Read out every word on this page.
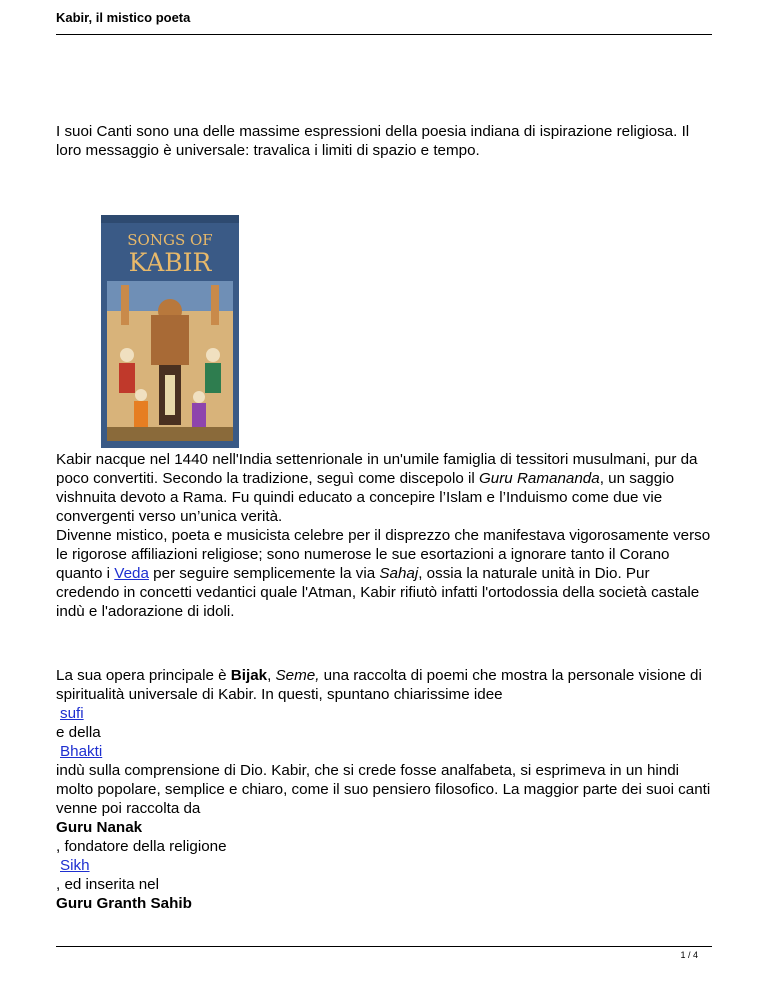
Kabir, il mistico poeta

I suoi Canti sono una delle massime espressioni della poesia indiana di ispirazione religiosa. Il loro messaggio è universale: travalica i limiti di spazio e tempo.

SONGS OF
KABIR

Kabir nacque nel 1440 nell'India settenrionale in un'umile famiglia di tessitori musulmani, pur da poco convertiti. Secondo la tradizione, seguì come discepolo il Guru Ramananda, un saggio vishnuita devoto a Rama. Fu quindi educato a concepire l’Islam e l’Induismo come due vie convergenti verso un’unica verità.
Divenne mistico, poeta e musicista celebre per il disprezzo che manifestava vigorosamente verso le rigorose affiliazioni religiose; sono numerose le sue esortazioni a ignorare tanto il Corano quanto i Veda per seguire semplicemente la via Sahaj, ossia la naturale unità in Dio. Pur credendo in concetti vedantici quale l'Atman, Kabir rifiutò infatti l'ortodossia della società castale indù e l'adorazione di idoli.

La sua opera principale è Bijak, Seme, una raccolta di poemi che mostra la personale visione di spiritualità universale di Kabir. In questi, spuntano chiarissime idee
sufi
e della
Bhakti
indù sulla comprensione di Dio. Kabir, che si crede fosse analfabeta, si esprimeva in un hindi molto popolare, semplice e chiaro, come il suo pensiero filosofico. La maggior parte dei suoi canti venne poi raccolta da
Guru Nanak
, fondatore della religione
Sikh
, ed inserita nel
Guru Granth Sahib
1 / 4
